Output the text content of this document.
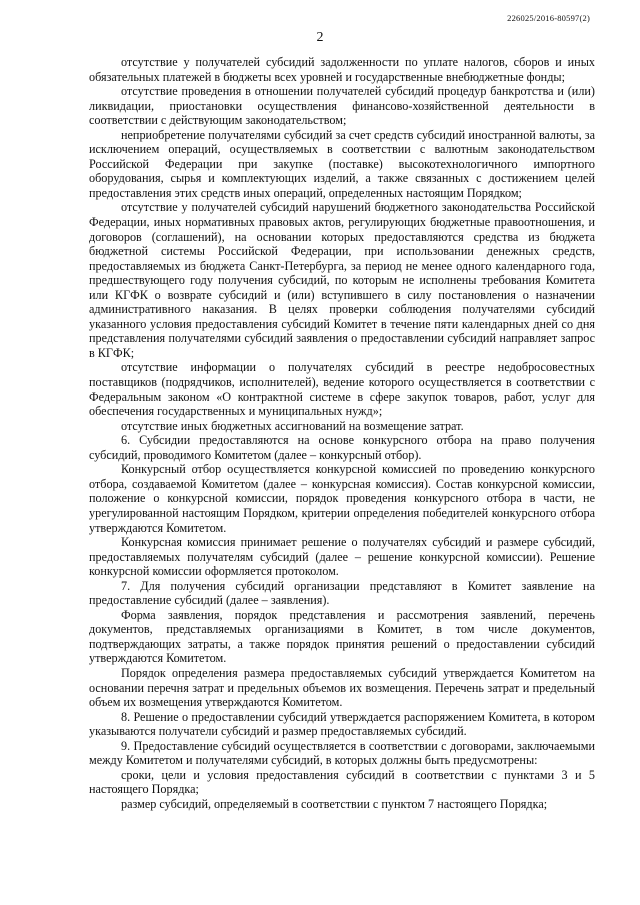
226025/2016-80597(2)
2

отсутствие у получателей субсидий задолженности по уплате налогов, сборов и иных обязательных платежей в бюджеты всех уровней и государственные внебюджетные фонды;

отсутствие проведения в отношении получателей субсидий процедур банкротства и (или) ликвидации, приостановки осуществления финансово-хозяйственной деятельности в соответствии с действующим законодательством;

неприобретение получателями субсидий за счет средств субсидий иностранной валюты, за исключением операций, осуществляемых в соответствии с валютным законодательством Российской Федерации при закупке (поставке) высокотехнологичного импортного оборудования, сырья и комплектующих изделий, а также связанных с достижением целей предоставления этих средств иных операций, определенных настоящим Порядком;

отсутствие у получателей субсидий нарушений бюджетного законодательства Российской Федерации, иных нормативных правовых актов, регулирующих бюджетные правоотношения, и договоров (соглашений), на основании которых предоставляются средства из бюджета бюджетной системы Российской Федерации, при использовании денежных средств, предоставляемых из бюджета Санкт-Петербурга, за период не менее одного календарного года, предшествующего году получения субсидий, по которым не исполнены требования Комитета или КГФК о возврате субсидий и (или) вступившего в силу постановления о назначении административного наказания. В целях проверки соблюдения получателями субсидий указанного условия предоставления субсидий Комитет в течение пяти календарных дней со дня представления получателями субсидий заявления о предоставлении субсидий направляет запрос в КГФК;

отсутствие информации о получателях субсидий в реестре недобросовестных поставщиков (подрядчиков, исполнителей), ведение которого осуществляется в соответствии с Федеральным законом «О контрактной системе в сфере закупок товаров, работ, услуг для обеспечения государственных и муниципальных нужд»;

отсутствие иных бюджетных ассигнований на возмещение затрат.

6. Субсидии предоставляются на основе конкурсного отбора на право получения субсидий, проводимого Комитетом (далее – конкурсный отбор).

Конкурсный отбор осуществляется конкурсной комиссией по проведению конкурсного отбора, создаваемой Комитетом (далее – конкурсная комиссия). Состав конкурсной комиссии, положение о конкурсной комиссии, порядок проведения конкурсного отбора в части, не урегулированной настоящим Порядком, критерии определения победителей конкурсного отбора утверждаются Комитетом.

Конкурсная комиссия принимает решение о получателях субсидий и размере субсидий, предоставляемых получателям субсидий (далее – решение конкурсной комиссии). Решение конкурсной комиссии оформляется протоколом.

7. Для получения субсидий организации представляют в Комитет заявление на предоставление субсидий (далее – заявления).

Форма заявления, порядок представления и рассмотрения заявлений, перечень документов, представляемых организациями в Комитет, в том числе документов, подтверждающих затраты, а также порядок принятия решений о предоставлении субсидий утверждаются Комитетом.

Порядок определения размера предоставляемых субсидий утверждается Комитетом на основании перечня затрат и предельных объемов их возмещения. Перечень затрат и предельный объем их возмещения утверждаются Комитетом.

8. Решение о предоставлении субсидий утверждается распоряжением Комитета, в котором указываются получатели субсидий и размер предоставляемых субсидий.

9. Предоставление субсидий осуществляется в соответствии с договорами, заключаемыми между Комитетом и получателями субсидий, в которых должны быть предусмотрены:

сроки, цели и условия предоставления субсидий в соответствии с пунктами 3 и 5 настоящего Порядка;

размер субсидий, определяемый в соответствии с пунктом 7 настоящего Порядка;
